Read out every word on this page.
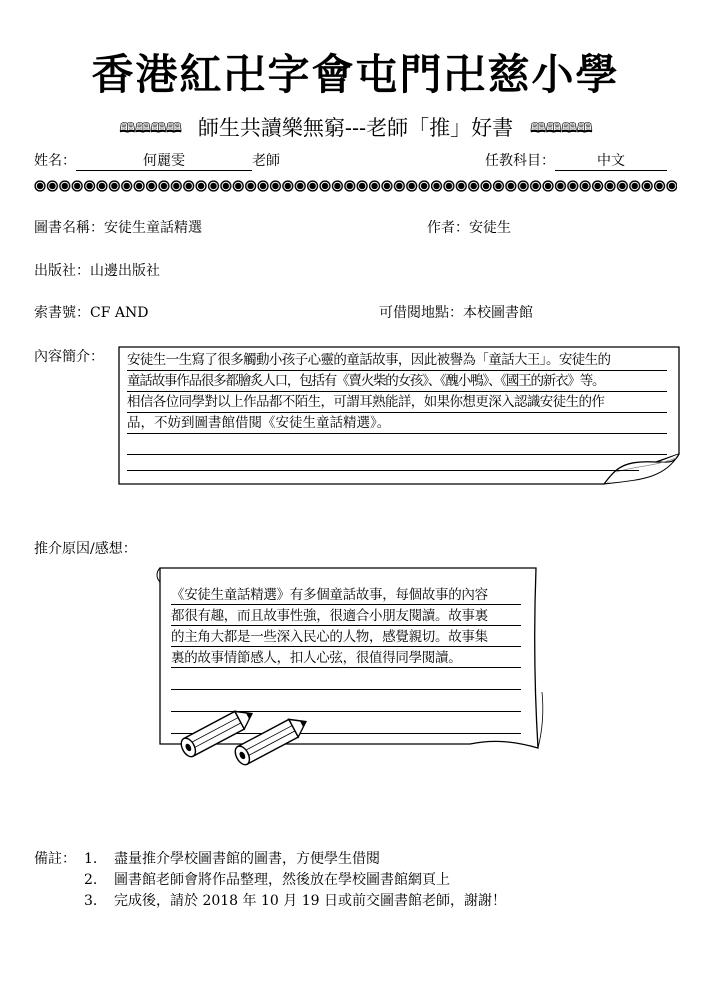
香港紅卍字會屯門卍慈小學
🕮🕮🕮🕮 師生共讀樂無窮---老師「推」好書 🕮🕮🕮🕮
姓名：	何麗雯	老師	任教科目：	中文
圖書名稱：安徒生童話精選	作者：安徒生
出版社：山邊出版社
索書號：CF AND	可借閱地點：本校圖書館
內容簡介： 安徒生一生寫了很多觸動小孩子心靈的童話故事，因此被譽為「童話大王」。安徒生的
童話故事作品很多都膾炙人口，包括有《賣火柴的女孩》、《醜小鴨》、《國王的新衣》等。
相信各位同學對以上作品都不陌生，可謂耳熟能詳，如果你想更深入認識安徒生的作
品，不妨到圖書館借閱《安徒生童話精選》。
推介原因/感想：
《安徒生童話精選》有多個童話故事，每個故事的內容
都很有趣，而且故事性強，很適合小朋友閱讀。故事裏
的主角大都是一些深入民心的人物，感覺親切。故事集
裏的故事情節感人，扣人心弦，很值得同學閱讀。
備註： 1.	盡量推介學校圖書館的圖書，方便學生借閱
2.	圖書館老師會將作品整理，然後放在學校圖書館網頁上
3.	完成後，請於 2018 年 10 月 19 日或前交圖書館老師，謝謝！
